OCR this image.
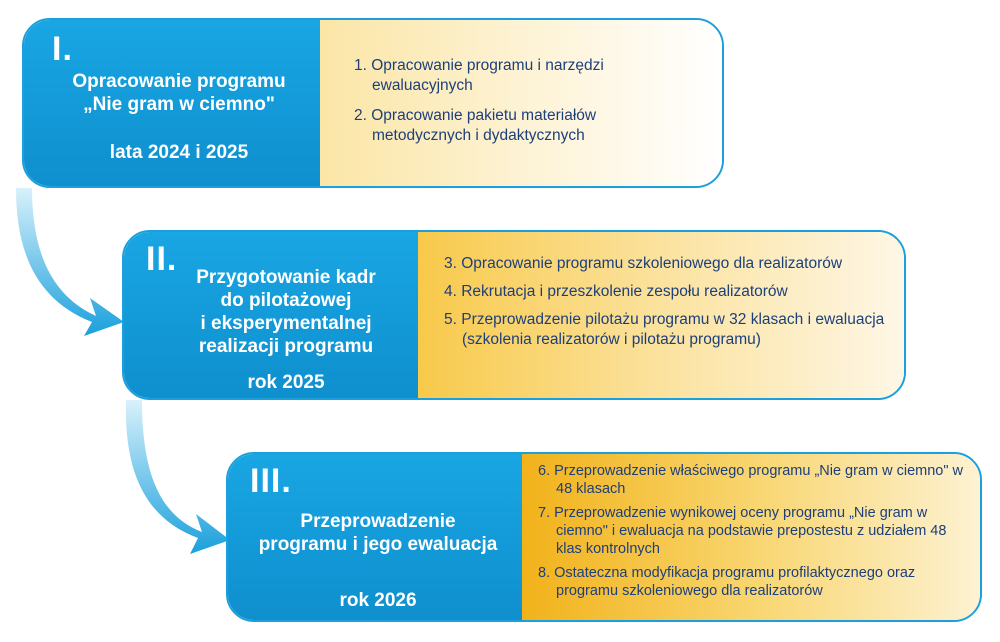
I.
Opracowanie programu
„Nie gram w ciemno"
lata 2024 i 2025
1. Opracowanie programu i narzędzi ewaluacyjnych
2. Opracowanie pakietu materiałów metodycznych i dydaktycznych
II. Przygotowanie kadr
do pilotażowej
i eksperymentalnej
realizacji programu
rok 2025
3. Opracowanie programu szkoleniowego dla realizatorów
4. Rekrutacja i przeszkolenie zespołu realizatorów
5. Przeprowadzenie pilotażu programu w 32 klasach i ewaluacja (szkolenia realizatorów i pilotażu programu)
III.
Przeprowadzenie
programu i jego ewaluacja
rok 2026
6. Przeprowadzenie właściwego programu „Nie gram w ciemno" w 48 klasach
7. Przeprowadzenie wynikowej oceny programu „Nie gram w ciemno" i ewaluacja na podstawie prepostestu z udziałem 48 klas kontrolnych
8. Ostateczna modyfikacja programu profilaktycznego oraz programu szkoleniowego dla realizatorów
